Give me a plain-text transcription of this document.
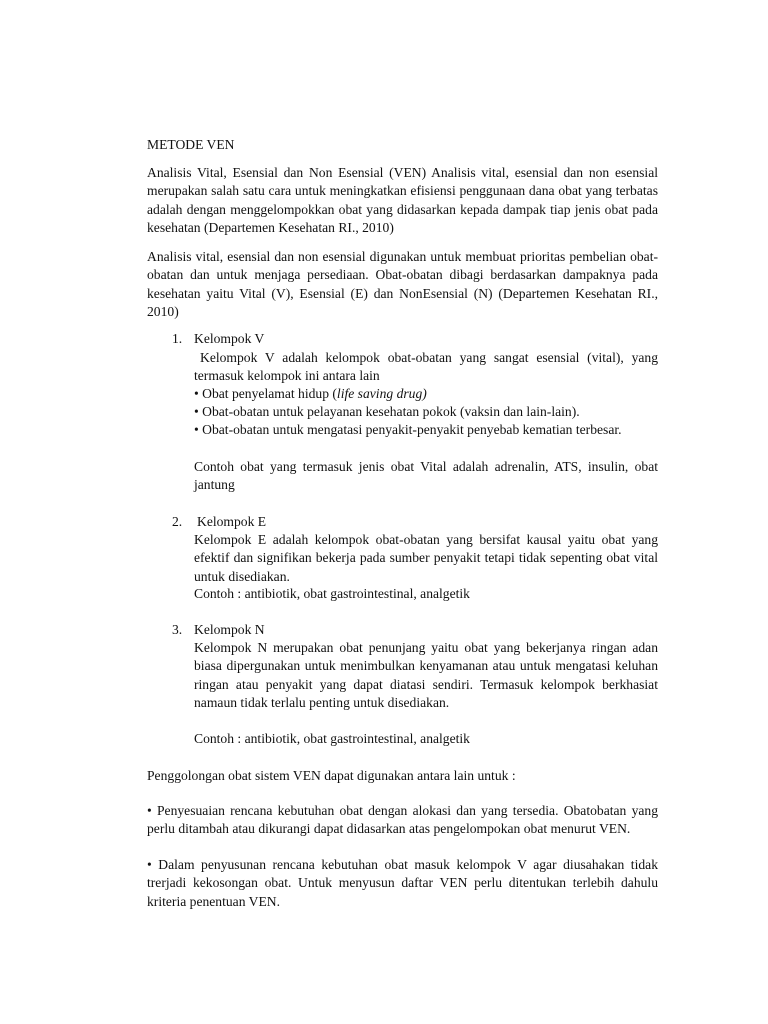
METODE VEN

Analisis Vital, Esensial dan Non Esensial (VEN) Analisis vital, esensial dan non esensial merupakan salah satu cara untuk meningkatkan efisiensi penggunaan dana obat yang terbatas adalah dengan menggelompokkan obat yang didasarkan kepada dampak tiap jenis obat pada kesehatan (Departemen Kesehatan RI., 2010)

Analisis vital, esensial dan non esensial digunakan untuk membuat prioritas pembelian obat-obatan dan untuk menjaga persediaan. Obat-obatan dibagi berdasarkan dampaknya pada kesehatan yaitu Vital (V), Esensial (E) dan NonEsensial (N) (Departemen Kesehatan RI., 2010)

1. Kelompok V

Kelompok V adalah kelompok obat-obatan yang sangat esensial (vital), yang termasuk kelompok ini antara lain

• Obat penyelamat hidup (life saving drug)

• Obat-obatan untuk pelayanan kesehatan pokok (vaksin dan lain-lain).

• Obat-obatan untuk mengatasi penyakit-penyakit penyebab kematian terbesar.

Contoh obat yang termasuk jenis obat Vital adalah adrenalin, ATS, insulin, obat jantung

2. Kelompok E

Kelompok E adalah kelompok obat-obatan yang bersifat kausal yaitu obat yang efektif dan signifikan bekerja pada sumber penyakit tetapi tidak sepenting obat vital untuk disediakan.

Contoh : antibiotik, obat gastrointestinal, analgetik

3. Kelompok N

Kelompok N merupakan obat penunjang yaitu obat yang bekerjanya ringan adan biasa dipergunakan untuk menimbulkan kenyamanan atau untuk mengatasi keluhan ringan atau penyakit yang dapat diatasi sendiri. Termasuk kelompok berkhasiat namaun tidak terlalu penting untuk disediakan.

Contoh : antibiotik, obat gastrointestinal, analgetik

Penggolongan obat sistem VEN dapat digunakan antara lain untuk :

• Penyesuaian rencana kebutuhan obat dengan alokasi dan yang tersedia. Obatobatan yang perlu ditambah atau dikurangi dapat didasarkan atas pengelompokan obat menurut VEN.

• Dalam penyusunan rencana kebutuhan obat masuk kelompok V agar diusahakan tidak trerjadi kekosongan obat. Untuk menyusun daftar VEN perlu ditentukan terlebih dahulu kriteria penentuan VEN.
